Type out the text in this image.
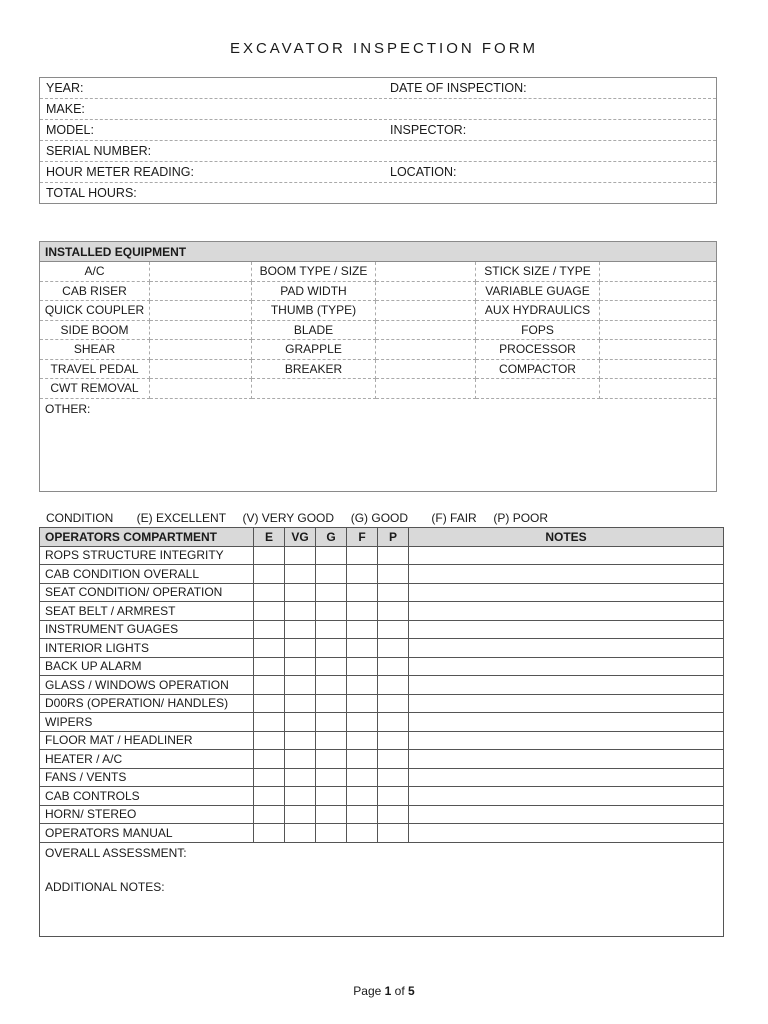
EXCAVATOR INSPECTION FORM
YEAR:	DATE OF INSPECTION:
MAKE:
MODEL:	INSPECTOR:
SERIAL NUMBER:
HOUR METER READING:	LOCATION:
TOTAL HOURS:
INSTALLED EQUIPMENT
A/C	BOOM TYPE / SIZE	STICK SIZE / TYPE
CAB RISER	PAD WIDTH	VARIABLE GUAGE
QUICK COUPLER	THUMB (TYPE)	AUX HYDRAULICS
SIDE BOOM	BLADE	FOPS
SHEAR	GRAPPLE	PROCESSOR
TRAVEL PEDAL	BREAKER	COMPACTOR
CWT REMOVAL
OTHER:
CONDITION       (E) EXCELLENT     (V) VERY GOOD     (G) GOOD       (F) FAIR     (P) POOR
OPERATORS COMPARTMENT	E	VG	G	F	P	NOTES
ROPS STRUCTURE INTEGRITY						
CAB CONDITION OVERALL						
SEAT CONDITION/ OPERATION						
SEAT BELT / ARMREST						
INSTRUMENT GUAGES						
INTERIOR LIGHTS						
BACK UP ALARM						
GLASS / WINDOWS OPERATION						
D00RS (OPERATION/ HANDLES)						
WIPERS						
FLOOR MAT / HEADLINER						
HEATER / A/C						
FANS / VENTS						
CAB CONTROLS						
HORN/ STEREO						
OPERATORS MANUAL						

OVERALL ASSESSMENT:
ADDITIONAL NOTES:						
Page 1 of 5
